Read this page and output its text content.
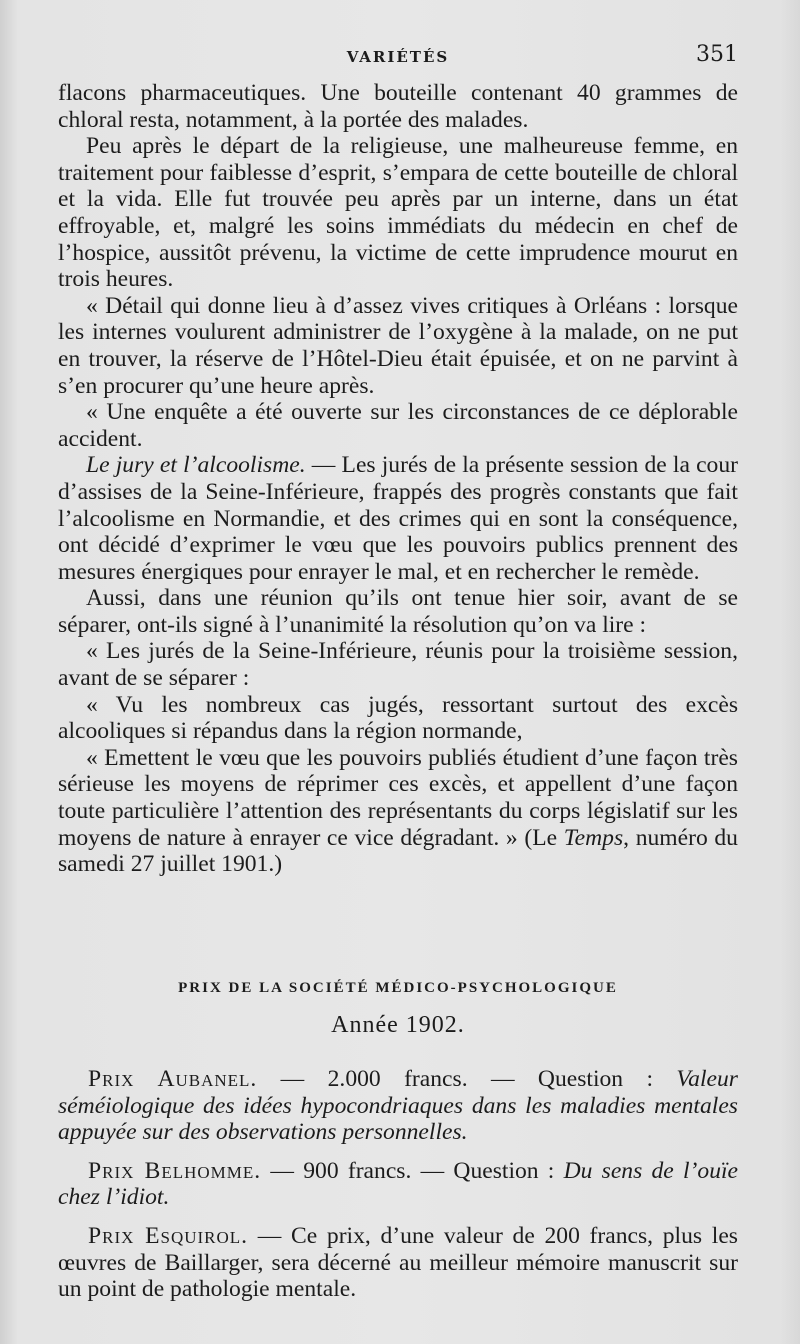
VARIÉTÉS	351

flacons pharmaceutiques. Une bouteille contenant 40 grammes de chloral resta, notamment, à la portée des malades.

Peu après le départ de la religieuse, une malheureuse femme, en traitement pour faiblesse d’esprit, s’empara de cette bouteille de chloral et la vida. Elle fut trouvée peu après par un interne, dans un état effroyable, et, malgré les soins immédiats du médecin en chef de l’hospice, aussitôt prévenu, la victime de cette imprudence mourut en trois heures.

« Détail qui donne lieu à d’assez vives critiques à Orléans : lorsque les internes voulurent administrer de l’oxygène à la malade, on ne put en trouver, la réserve de l’Hôtel-Dieu était épuisée, et on ne parvint à s’en procurer qu’une heure après.

« Une enquête a été ouverte sur les circonstances de ce déplorable accident.

Le jury et l’alcoolisme. — Les jurés de la présente session de la cour d’assises de la Seine-Inférieure, frappés des progrès constants que fait l’alcoolisme en Normandie, et des crimes qui en sont la conséquence, ont décidé d’exprimer le vœu que les pouvoirs publics prennent des mesures énergiques pour enrayer le mal, et en rechercher le remède.

Aussi, dans une réunion qu’ils ont tenue hier soir, avant de se séparer, ont-ils signé à l’unanimité la résolution qu’on va lire :

« Les jurés de la Seine-Inférieure, réunis pour la troisième session, avant de se séparer :

« Vu les nombreux cas jugés, ressortant surtout des excès alcooliques si répandus dans la région normande,

« Emettent le vœu que les pouvoirs publiés étudient d’une façon très sérieuse les moyens de réprimer ces excès, et appellent d’une façon toute particulière l’attention des représentants du corps législatif sur les moyens de nature à enrayer ce vice dégradant. » (Le Temps, numéro du samedi 27 juillet 1901.)

PRIX DE LA SOCIÉTÉ MÉDICO-PSYCHOLOGIQUE
Année 1902.

Prix Aubanel. — 2.000 francs. — Question : Valeur séméiologique des idées hypocondriaques dans les maladies mentales appuyée sur des observations personnelles.

Prix Belhomme. — 900 francs. — Question : Du sens de l’ouïe chez l’idiot.

Prix Esquirol. — Ce prix, d’une valeur de 200 francs, plus les œuvres de Baillarger, sera décerné au meilleur mémoire manuscrit sur un point de pathologie mentale.
